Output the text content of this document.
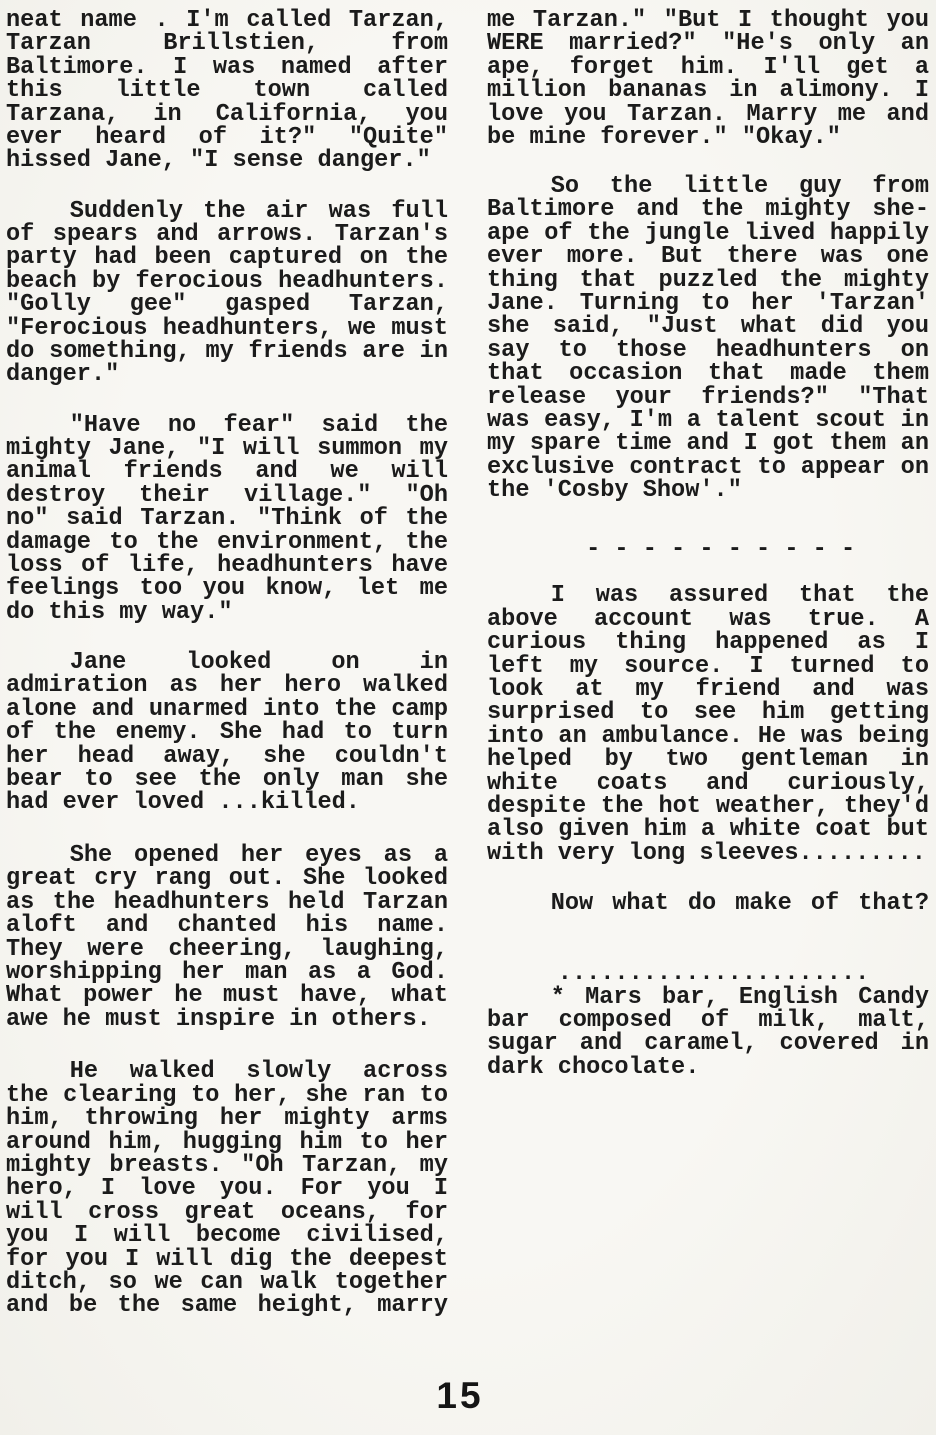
neat name . I'm called Tarzan,
Tarzan Brillstien, from
Baltimore. I was named after
this little town called
Tarzana, in California, you
ever heard of it?" "Quite"
hissed Jane, "I sense danger."
Suddenly the air was full
of spears and arrows. Tarzan's
party had been captured on the
beach by ferocious headhunters.
"Golly gee" gasped Tarzan,
"Ferocious headhunters, we must
do something, my friends are in
danger."
"Have no fear" said the
mighty Jane, "I will summon my
animal friends and we will
destroy their village." "Oh
no" said Tarzan. "Think of the
damage to the environment, the
loss of life, headhunters have
feelings too you know, let me
do this my way."
Jane looked on in
admiration as her hero walked
alone and unarmed into the camp
of the enemy. She had to turn
her head away, she couldn't
bear to see the only man she
had ever loved ...killed.
She opened her eyes as a
great cry rang out. She looked
as the headhunters held Tarzan
aloft and chanted his name.
They were cheering, laughing,
worshipping her man as a God.
What power he must have, what
awe he must inspire in others.
He walked slowly across
the clearing to her, she ran to
him, throwing her mighty arms
around him, hugging him to her
mighty breasts. "Oh Tarzan, my
hero, I love you. For you I
will cross great oceans, for
you I will become civilised,
for you I will dig the deepest
ditch, so we can walk together
and be the same height, marry
me Tarzan." "But I thought you
WERE married?" "He's only an
ape, forget him. I'll get a
million bananas in alimony. I
love you Tarzan. Marry me and
be mine forever." "Okay."
So the little guy from
Baltimore and the mighty she-
ape of the jungle lived happily
ever more. But there was one
thing that puzzled the mighty
Jane. Turning to her 'Tarzan'
she said, "Just what did you
say to those headhunters on
that occasion that made them
release your friends?" "That
was easy, I'm a talent scout in
my spare time and I got them an
exclusive contract to appear on
the 'Cosby Show'."
- - - - - - - - - -
I was assured that the
above account was true. A
curious thing happened as I
left my source. I turned to
look at my friend and was
surprised to see him getting
into an ambulance. He was being
helped by two gentleman in
white coats and curiously,
despite the hot weather, they'd
also given him a white coat but
with very long sleeves.........
Now what do make of that?
......................
* Mars bar, English Candy
bar composed of milk, malt,
sugar and caramel, covered in
dark chocolate.
15
